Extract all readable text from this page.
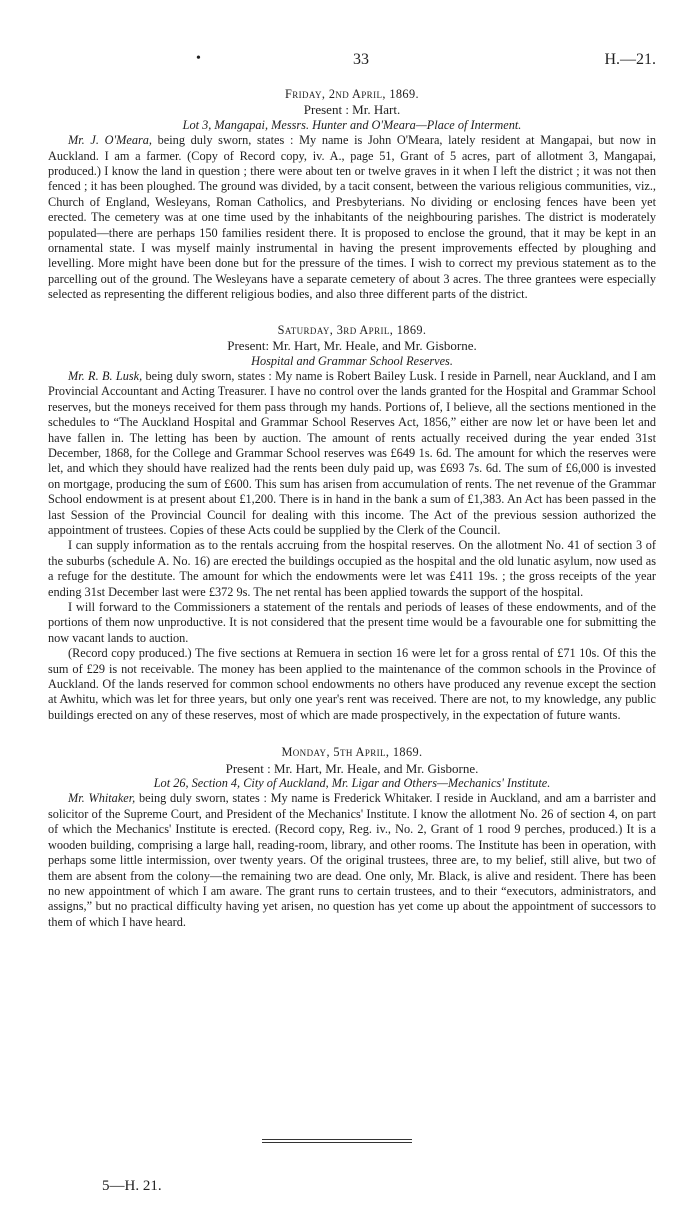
•	33	H.—21.

Friday, 2nd April, 1869.

Present : Mr. Hart.

Lot 3, Mangapai, Messrs. Hunter and O'Meara—Place of Interment.

Mr. J. O'Meara, being duly sworn, states : My name is John O'Meara, lately resident at Mangapai, but now in Auckland. I am a farmer. (Copy of Record copy, iv. A., page 51, Grant of 5 acres, part of allotment 3, Mangapai, produced.) I know the land in question ; there were about ten or twelve graves in it when I left the district ; it was not then fenced ; it has been ploughed. The ground was divided, by a tacit consent, between the various religious communities, viz., Church of England, Wesleyans, Roman Catholics, and Presbyterians. No dividing or enclosing fences have been yet erected. The cemetery was at one time used by the inhabitants of the neighbouring parishes. The district is moderately populated—there are perhaps 150 families resident there. It is proposed to enclose the ground, that it may be kept in an ornamental state. I was myself mainly instrumental in having the present improvements effected by ploughing and levelling. More might have been done but for the pressure of the times. I wish to correct my previous statement as to the parcelling out of the ground. The Wesleyans have a separate cemetery of about 3 acres. The three grantees were especially selected as representing the different religious bodies, and also three different parts of the district.

Saturday, 3rd April, 1869.

Present: Mr. Hart, Mr. Heale, and Mr. Gisborne.

Hospital and Grammar School Reserves.

Mr. R. B. Lusk, being duly sworn, states : My name is Robert Bailey Lusk. I reside in Parnell, near Auckland, and I am Provincial Accountant and Acting Treasurer. I have no control over the lands granted for the Hospital and Grammar School reserves, but the moneys received for them pass through my hands. Portions of, I believe, all the sections mentioned in the schedules to “The Auckland Hospital and Grammar School Reserves Act, 1856,” either are now let or have been let and have fallen in. The letting has been by auction. The amount of rents actually received during the year ended 31st December, 1868, for the College and Grammar School reserves was £649 1s. 6d. The amount for which the reserves were let, and which they should have realized had the rents been duly paid up, was £693 7s. 6d. The sum of £6,000 is invested on mortgage, producing the sum of £600. This sum has arisen from accumulation of rents. The net revenue of the Grammar School endowment is at present about £1,200. There is in hand in the bank a sum of £1,383. An Act has been passed in the last Session of the Provincial Council for dealing with this income. The Act of the previous session authorized the appointment of trustees. Copies of these Acts could be supplied by the Clerk of the Council.

I can supply information as to the rentals accruing from the hospital reserves. On the allotment No. 41 of section 3 of the suburbs (schedule A. No. 16) are erected the buildings occupied as the hospital and the old lunatic asylum, now used as a refuge for the destitute. The amount for which the endowments were let was £411 19s. ; the gross receipts of the year ending 31st December last were £372 9s. The net rental has been applied towards the support of the hospital.

I will forward to the Commissioners a statement of the rentals and periods of leases of these endowments, and of the portions of them now unproductive. It is not considered that the present time would be a favourable one for submitting the now vacant lands to auction.

(Record copy produced.) The five sections at Remuera in section 16 were let for a gross rental of £71 10s. Of this the sum of £29 is not receivable. The money has been applied to the maintenance of the common schools in the Province of Auckland. Of the lands reserved for common school endowments no others have produced any revenue except the section at Awhitu, which was let for three years, but only one year's rent was received. There are not, to my knowledge, any public buildings erected on any of these reserves, most of which are made prospectively, in the expectation of future wants.

Monday, 5th April, 1869.

Present : Mr. Hart, Mr. Heale, and Mr. Gisborne.

Lot 26, Section 4, City of Auckland, Mr. Ligar and Others—Mechanics' Institute.

Mr. Whitaker, being duly sworn, states : My name is Frederick Whitaker. I reside in Auckland, and am a barrister and solicitor of the Supreme Court, and President of the Mechanics' Institute. I know the allotment No. 26 of section 4, on part of which the Mechanics' Institute is erected. (Record copy, Reg. iv., No. 2, Grant of 1 rood 9 perches, produced.) It is a wooden building, comprising a large hall, reading-room, library, and other rooms. The Institute has been in operation, with perhaps some little intermission, over twenty years. Of the original trustees, three are, to my belief, still alive, but two of them are absent from the colony—the remaining two are dead. One only, Mr. Black, is alive and resident. There has been no new appointment of which I am aware. The grant runs to certain trustees, and to their “executors, administrators, and assigns,” but no practical difficulty having yet arisen, no question has yet come up about the appointment of successors to them of which I have heard.

5—H. 21.
